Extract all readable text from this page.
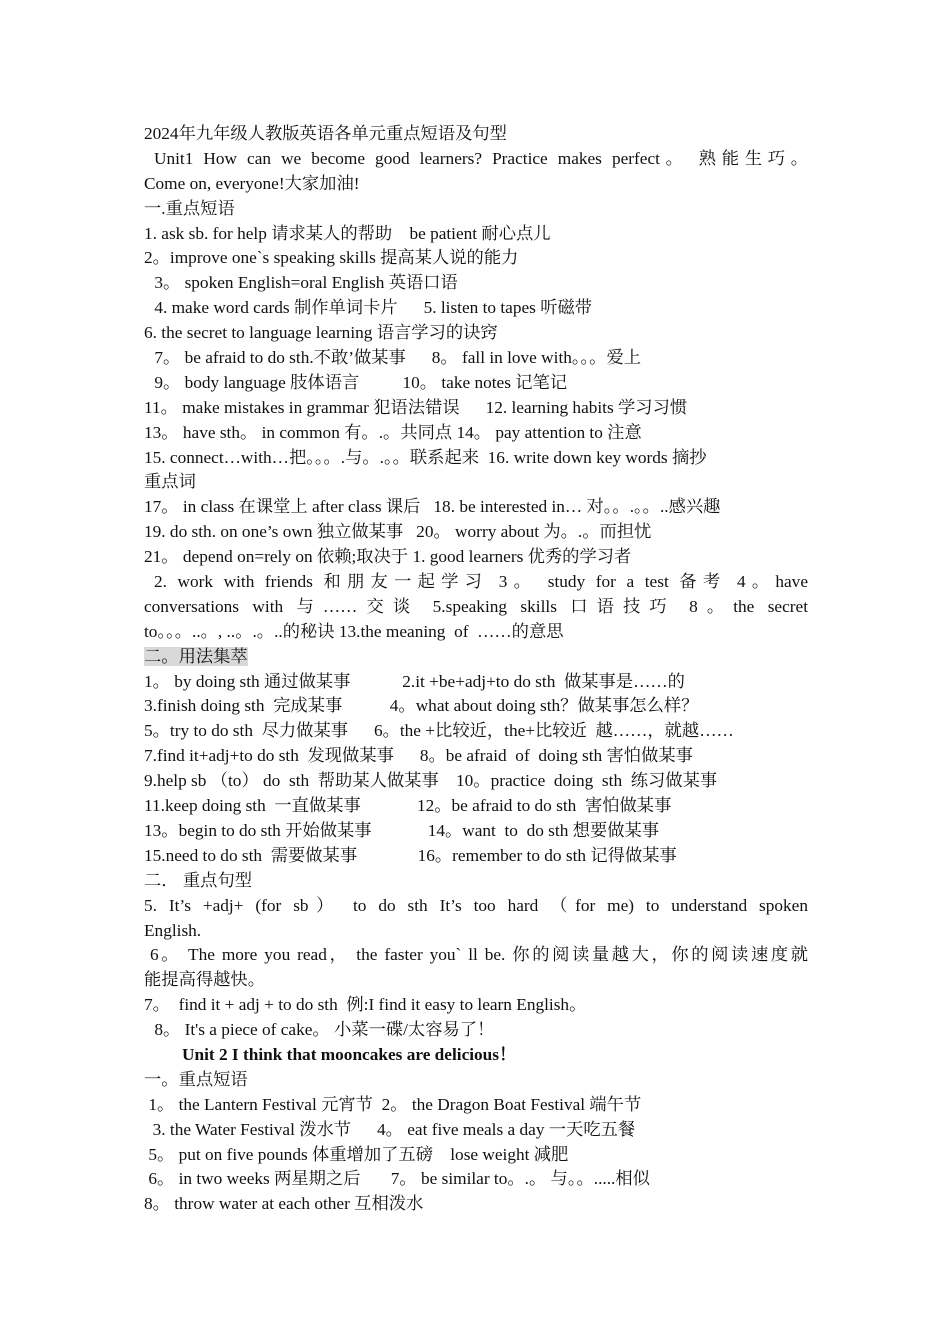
2024年九年级人教版英语各单元重点短语及句型
Unit1 How can we become good learners? Practice makes perfect。 熟能生巧。
Come on, everyone!大家加油!
一.重点短语
1. ask sb. for help 请求某人的帮助    be patient 耐心点儿
2。improve one`s speaking skills 提高某人说的能力
3。 spoken English=oral English 英语口语
4. make word cards 制作单词卡片      5. listen to tapes 听磁带
6. the secret to language learning 语言学习的诀窍
7。 be afraid to do sth.不敢’做某事      8。 fall in love with。。。爱上
9。 body language 肢体语言          10。 take notes 记笔记
11。 make mistakes in grammar 犯语法错误      12. learning habits 学习习惯
13。 have sth。 in common 有。.。共同点 14。 pay attention to 注意
15. connect…with…把。。。.与。.。。联系起来  16. write down key words 摘抄
重点词
17。 in class 在课堂上 after class 课后   18. be interested in… 对。。.。。..感兴趣
19. do sth. on one’s own 独立做某事   20。 worry about 为。.。而担忧
21。 depend on=rely on 依赖;取决于 1. good learners 优秀的学习者
2. work with friends 和朋友一起学习 3。 study for a test 备考 4。have
conversations with 与……交谈 5.speaking skills 口语技巧 8。the secret
to。。。..。, ..。.。..的秘诀 13.the meaning  of  ……的意思
二。用法集萃
1。 by doing sth 通过做某事            2.it +be+adj+to do sth  做某事是……的
3.finish doing sth  完成某事           4。what about doing sth？做某事怎么样？
5。try to do sth  尽力做某事      6。the +比较近，the+比较近  越……，就越……
7.find it+adj+to do sth  发现做某事      8。be afraid  of  doing sth 害怕做某事
9.help sb （to） do  sth  帮助某人做某事    10。practice  doing  sth  练习做某事
11.keep doing sth  一直做某事             12。be afraid to do sth  害怕做某事
13。begin to do sth 开始做某事             14。want  to  do sth 想要做某事
15.need to do sth  需要做某事              16。remember to do sth 记得做某事
二． 重点句型
5. It’s +adj+ (for sb） to do sth It’s too hard （for me) to understand spoken
English.
6。 The more you read， the faster you` ll be. 你的阅读量越大，你的阅读速度就
能提高得越快。
7。  find it + adj + to do sth  例:I find it easy to learn English。
8。 It's a piece of cake。 小菜一碟/太容易了！
Unit 2 I think that mooncakes are delicious！
一。重点短语
1。 the Lantern Festival 元宵节  2。 the Dragon Boat Festival 端午节
3. the Water Festival 泼水节      4。 eat five meals a day 一天吃五餐
5。 put on five pounds 体重增加了五磅    lose weight 减肥
6。 in two weeks 两星期之后       7。 be similar to。.。 与。。.....相似
8。 throw water at each other 互相泼水
